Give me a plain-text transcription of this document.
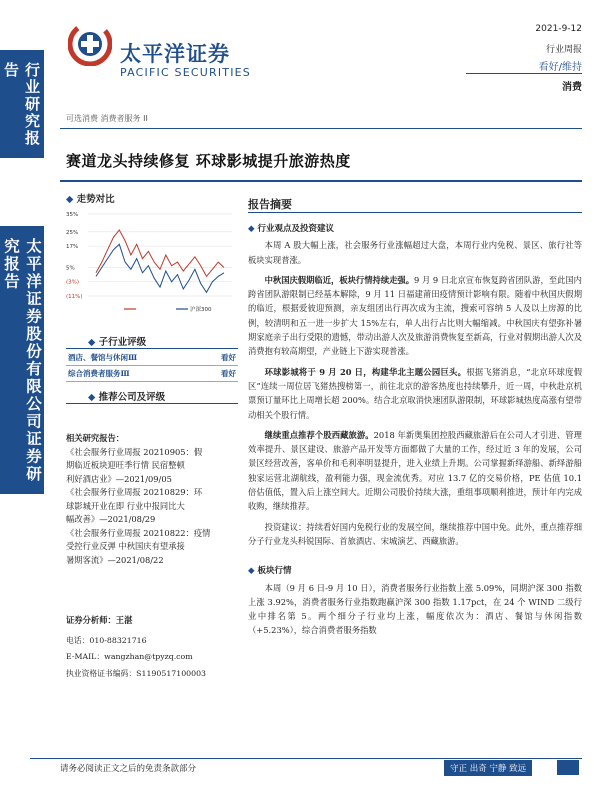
行业研究报告
太平洋证券股份有限公司证券研究报告
太平洋证券
PACIFIC SECURITIES
2021-9-12
行业周报
看好/维持
消费
可选消费 消费者服务 II
赛道龙头持续修复 环球影城提升旅游热度
◆ 走势对比
35%
25%
17%
5%
(3%)
(11%)
沪深300
◆ 子行业评级
酒店、餐馆与休闲Ⅲ	看好
综合消费者服务Ⅲ	看好
◆ 推荐公司及评级
相关研究报告：
《社会服务行业周报 20210905：假
期临近板块迎旺季行情 民宿整顿
利好酒店业》—2021/09/05
《社会服务行业周报 20210829：环
球影城开业在即 行业中报同比大
幅改善》—2021/08/29
《社会服务行业周报 20210822：疫情
受控行业反弹 中秋国庆有望承接
暑期客流》—2021/08/22
证券分析师：王湛
电话：010-88321716
E-MAIL：wangzhan@tpyzq.com
执业资格证书编码：S1190517100003
报告摘要
◆ 行业观点及投资建议

本周 A 股大幅上涨，社会服务行业涨幅超过大盘，本周行业内免税、景区、旅行社等板块实现普涨。

中秋国庆假期临近，板块行情持续走强。9 月 9 日北京宣布恢复跨省团队游，至此国内跨省团队游限制已经基本解除，9 月 11 日福建莆田疫情预计影响有限。随着中秋国庆假期的临近，根据爱彼迎预测，亲友组团出行再次成为主流，搜索可容纳 5 人及以上房源的比例，较清明和五一进一步扩大 15%左右，单人出行占比则大幅缩减。中秋国庆有望弥补暑期家庭亲子出行受限的遗憾，带动出游人次及旅游消费恢复至新高，行业对假期出游人次及消费抱有较高期望，产业链上下游实现普涨。

环球影城将于 9 月 20 日，构建华北主题公园巨头。根据飞猪消息，“北京环球度假区”连续一周位居飞猪热搜榜第一，前往北京的游客热度也持续攀升，近一周，中秋赴京机票预订量环比上周增长超 200%。结合北京取消快速团队游限制，环球影城热度高涨有望带动相关个股行情。

继续重点推荐个股西藏旅游。2018 年新奥集团控股西藏旅游后在公司人才引进、管理效率提升、景区建设、旅游产品开发等方面都做了大量的工作，经过近 3 年的发展，公司景区经营改善，客单价和毛利率明显提升，进入业绩上升期。公司掌握新绎游船、新绎游船独家运营北湖航线，盈利能力强，现金流优秀。对应 13.7 亿的交易价格，PE 估值 10.1 倍估值低，置入后上涨空间大。近期公司股价持续大涨，重组事项顺利推进，预计年内完成收购，继续推荐。

投资建议：持续看好国内免税行业的发展空间，继续推荐中国中免。此外，重点推荐细分子行业龙头科锐国际、首旅酒店、宋城演艺、西藏旅游。

◆ 板块行情

本周（9 月 6 日-9 月 10 日），消费者服务行业指数上涨 5.09%，同期沪深 300 指数上涨 3.92%，消费者服务行业指数跑赢沪深 300 指数 1.17pct，在 24 个 WIND 二级行业中排名第 5。两个细分子行业均上涨，幅度依次为：酒店、餐馆与休闲指数（+5.23%），综合消费者服务指数

请务必阅读正文之后的免责条款部分	守正 出奇 宁静 致远
